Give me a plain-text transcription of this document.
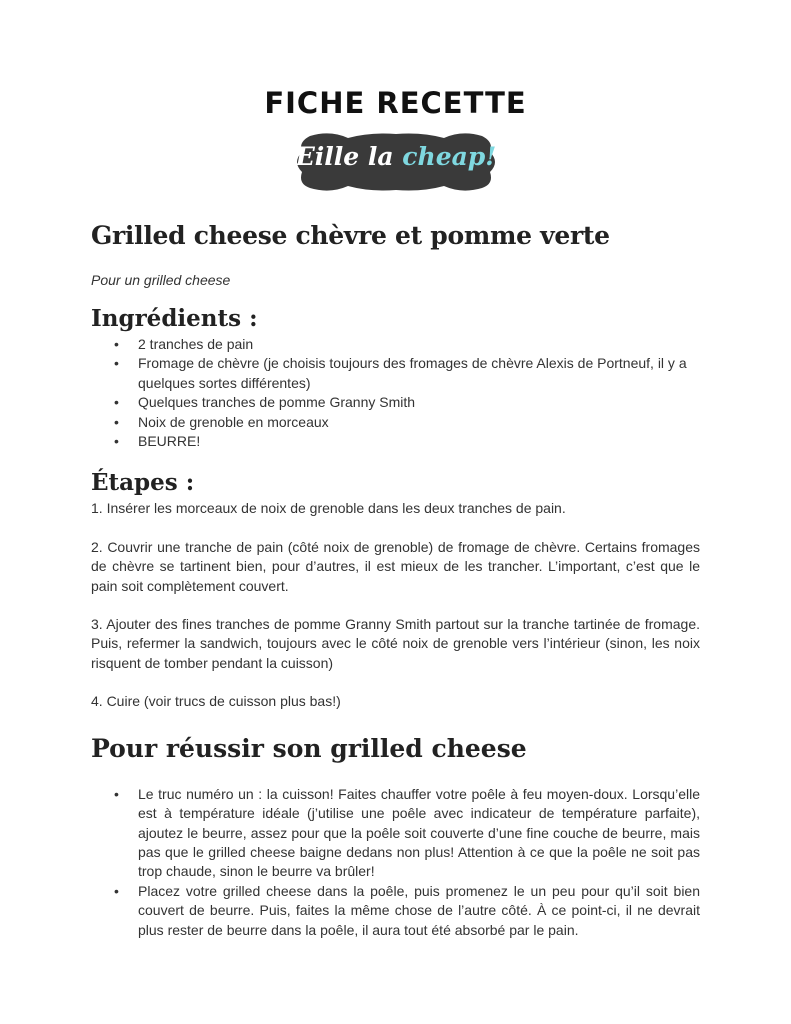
FICHE RECETTE
Eille la cheap!
Grilled cheese chèvre et pomme verte
Pour un grilled cheese
Ingrédients :
• 2 tranches de pain
• Fromage de chèvre (je choisis toujours des fromages de chèvre Alexis de Portneuf, il y a quelques sortes différentes)
• Quelques tranches de pomme Granny Smith
• Noix de grenoble en morceaux
• BEURRE!
Étapes :

1. Insérer les morceaux de noix de grenoble dans les deux tranches de pain.

2. Couvrir une tranche de pain (côté noix de grenoble) de fromage de chèvre. Certains fromages de chèvre se tartinent bien, pour d’autres, il est mieux de les trancher. L’important, c’est que le pain soit complètement couvert.

3. Ajouter des fines tranches de pomme Granny Smith partout sur la tranche tartinée de fromage. Puis, refermer la sandwich, toujours avec le côté noix de grenoble vers l’intérieur (sinon, les noix risquent de tomber pendant la cuisson)

4. Cuire (voir trucs de cuisson plus bas!)

Pour réussir son grilled cheese
• Le truc numéro un : la cuisson! Faites chauffer votre poêle à feu moyen-doux. Lorsqu’elle est à température idéale (j’utilise une poêle avec indicateur de température parfaite), ajoutez le beurre, assez pour que la poêle soit couverte d’une fine couche de beurre, mais pas que le grilled cheese baigne dedans non plus! Attention à ce que la poêle ne soit pas trop chaude, sinon le beurre va brûler!
• Placez votre grilled cheese dans la poêle, puis promenez le un peu pour qu’il soit bien couvert de beurre. Puis, faites la même chose de l’autre côté. À ce point-ci, il ne devrait plus rester de beurre dans la poêle, il aura tout été absorbé par le pain.
